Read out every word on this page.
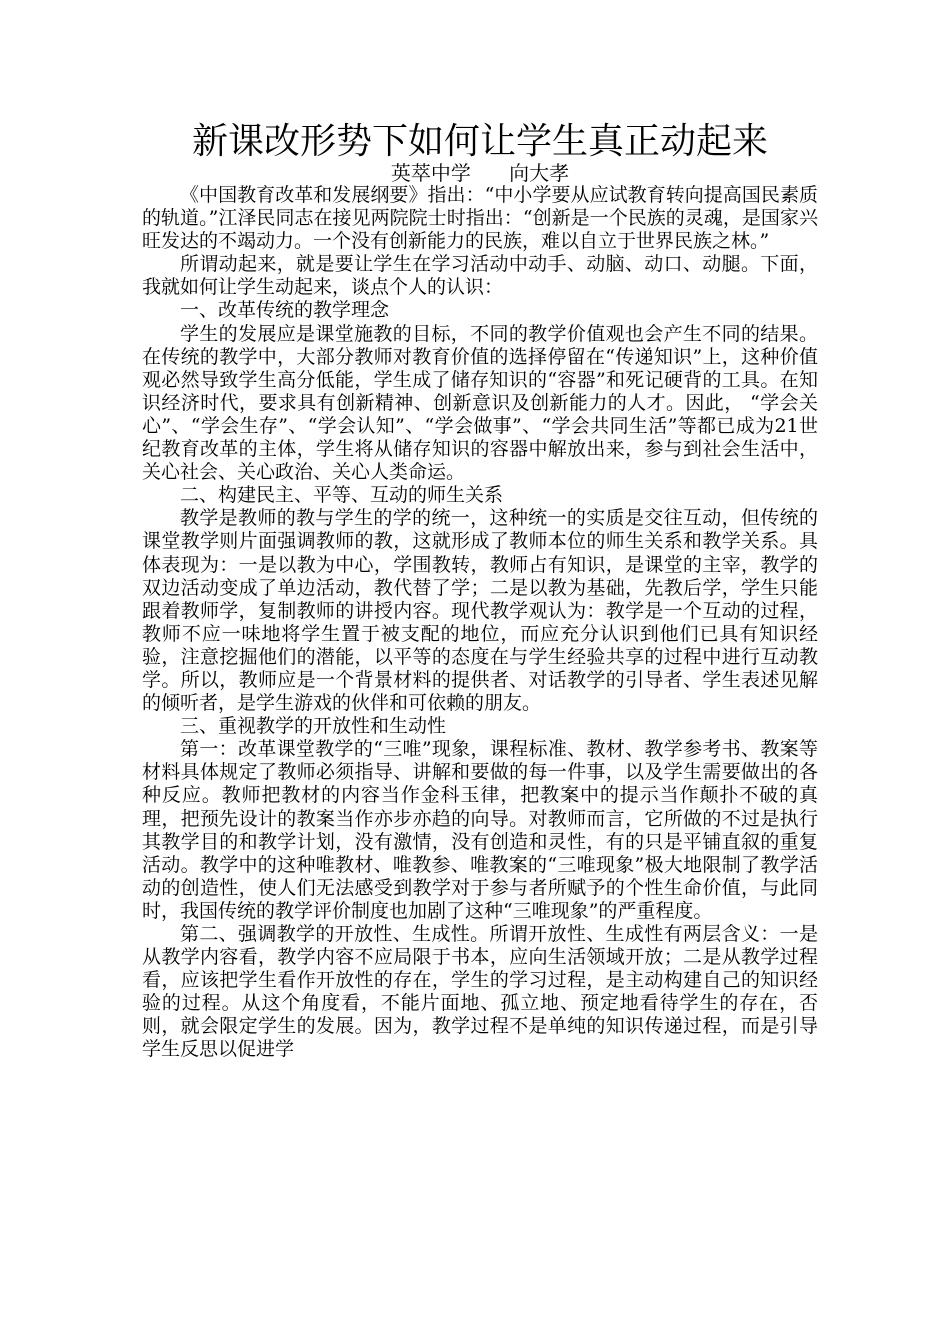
新课改形势下如何让学生真正动起来
英萃中学      向大孝

《中国教育改革和发展纲要》指出：“中小学要从应试教育转向提高国民素质的轨道。”江泽民同志在接见两院院士时指出：“创新是一个民族的灵魂，是国家兴旺发达的不竭动力。一个没有创新能力的民族，难以自立于世界民族之林。”

所谓动起来，就是要让学生在学习活动中动手、动脑、动口、动腿。下面，我就如何让学生动起来，谈点个人的认识：

一、改革传统的教学理念

学生的发展应是课堂施教的目标，不同的教学价值观也会产生不同的结果。在传统的教学中，大部分教师对教育价值的选择停留在“传递知识”上，这种价值观必然导致学生高分低能，学生成了储存知识的“容器”和死记硬背的工具。在知识经济时代，要求具有创新精神、创新意识及创新能力的人才。因此， “学会关心”、“学会生存”、“学会认知”、“学会做事”、“学会共同生活”等都已成为21世纪教育改革的主体，学生将从储存知识的容器中解放出来，参与到社会生活中，关心社会、关心政治、关心人类命运。

二、构建民主、平等、互动的师生关系

教学是教师的教与学生的学的统一，这种统一的实质是交往互动，但传统的课堂教学则片面强调教师的教，这就形成了教师本位的师生关系和教学关系。具体表现为：一是以教为中心，学围教转，教师占有知识，是课堂的主宰，教学的双边活动变成了单边活动，教代替了学；二是以教为基础，先教后学，学生只能跟着教师学，复制教师的讲授内容。现代教学观认为：教学是一个互动的过程，教师不应一味地将学生置于被支配的地位，而应充分认识到他们已具有知识经验，注意挖掘他们的潜能，以平等的态度在与学生经验共享的过程中进行互动教学。所以，教师应是一个背景材料的提供者、对话教学的引导者、学生表述见解的倾听者，是学生游戏的伙伴和可依赖的朋友。

三、重视教学的开放性和生动性

第一：改革课堂教学的“三唯”现象，课程标准、教材、教学参考书、教案等材料具体规定了教师必须指导、讲解和要做的每一件事，以及学生需要做出的各种反应。教师把教材的内容当作金科玉律，把教案中的提示当作颠扑不破的真理，把预先设计的教案当作亦步亦趋的向导。对教师而言，它所做的不过是执行其教学目的和教学计划，没有激情，没有创造和灵性，有的只是平铺直叙的重复活动。教学中的这种唯教材、唯教参、唯教案的“三唯现象”极大地限制了教学活动的创造性，使人们无法感受到教学对于参与者所赋予的个性生命价值，与此同时，我国传统的教学评价制度也加剧了这种“三唯现象”的严重程度。

第二、强调教学的开放性、生成性。所谓开放性、生成性有两层含义：一是从教学内容看，教学内容不应局限于书本，应向生活领域开放；二是从教学过程看，应该把学生看作开放性的存在，学生的学习过程，是主动构建自己的知识经验的过程。从这个角度看，不能片面地、孤立地、预定地看待学生的存在，否则，就会限定学生的发展。因为，教学过程不是单纯的知识传递过程，而是引导学生反思以促进学
